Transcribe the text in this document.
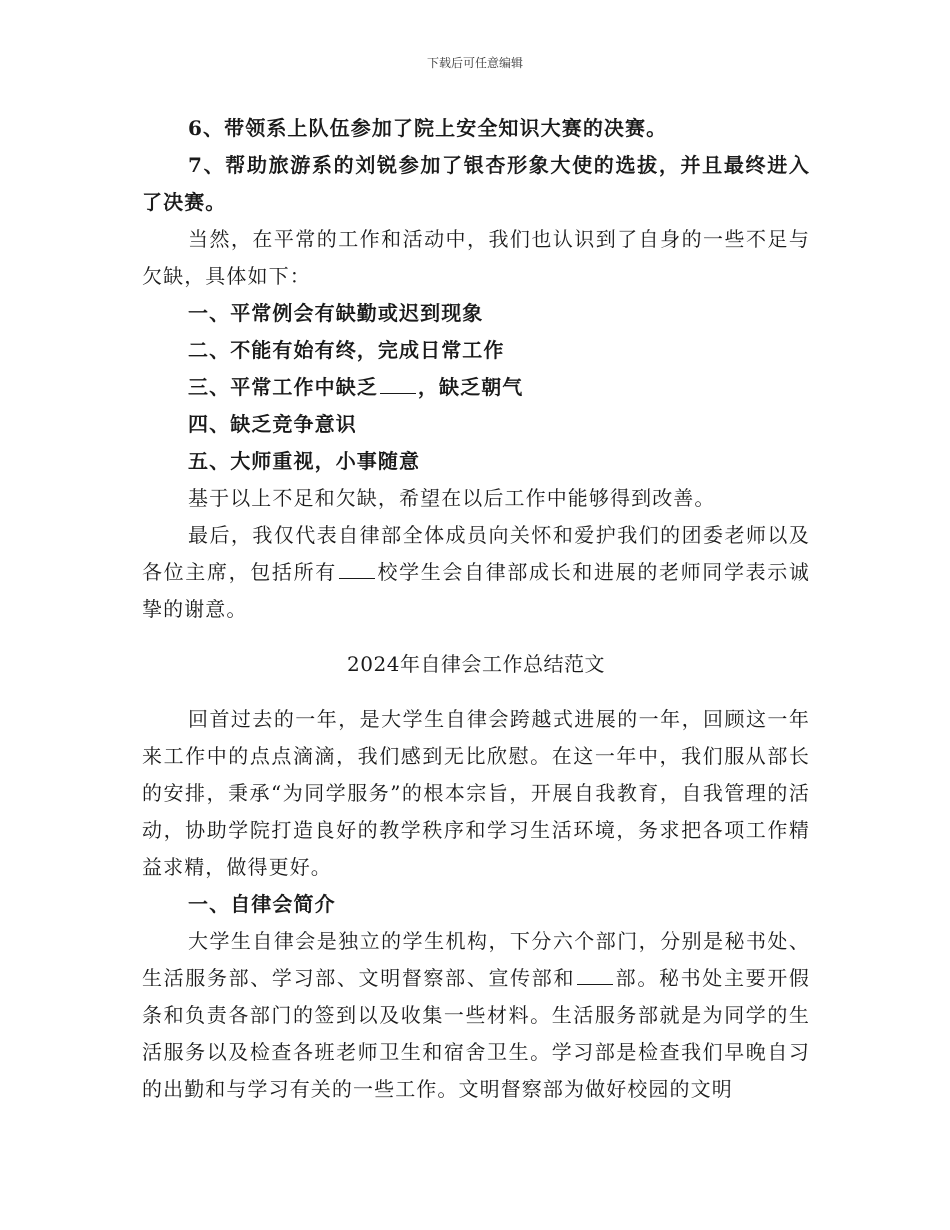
下载后可任意编辑

6、带领系上队伍参加了院上安全知识大赛的决赛。

7、帮助旅游系的刘锐参加了银杏形象大使的选拔，并且最终进入了决赛。

当然，在平常的工作和活动中，我们也认识到了自身的一些不足与欠缺，具体如下：

一、平常例会有缺勤或迟到现象

二、不能有始有终，完成日常工作

三、平常工作中缺乏 ，缺乏朝气

四、缺乏竞争意识

五、大师重视，小事随意

基于以上不足和欠缺，希望在以后工作中能够得到改善。

最后，我仅代表自律部全体成员向关怀和爱护我们的团委老师以及各位主席，包括所有 校学生会自律部成长和进展的老师同学表示诚挚的谢意。

2024年自律会工作总结范文

回首过去的一年，是大学生自律会跨越式进展的一年，回顾这一年来工作中的点点滴滴，我们感到无比欣慰。在这一年中，我们服从部长的安排，秉承“为同学服务”的根本宗旨，开展自我教育，自我管理的活动，协助学院打造良好的教学秩序和学习生活环境，务求把各项工作精益求精，做得更好。

一、自律会简介

大学生自律会是独立的学生机构，下分六个部门，分别是秘书处、生活服务部、学习部、文明督察部、宣传部和 部。秘书处主要开假条和负责各部门的签到以及收集一些材料。生活服务部就是为同学的生活服务以及检查各班老师卫生和宿舍卫生。学习部是检查我们早晚自习的出勤和与学习有关的一些工作。文明督察部为做好校园的文明
